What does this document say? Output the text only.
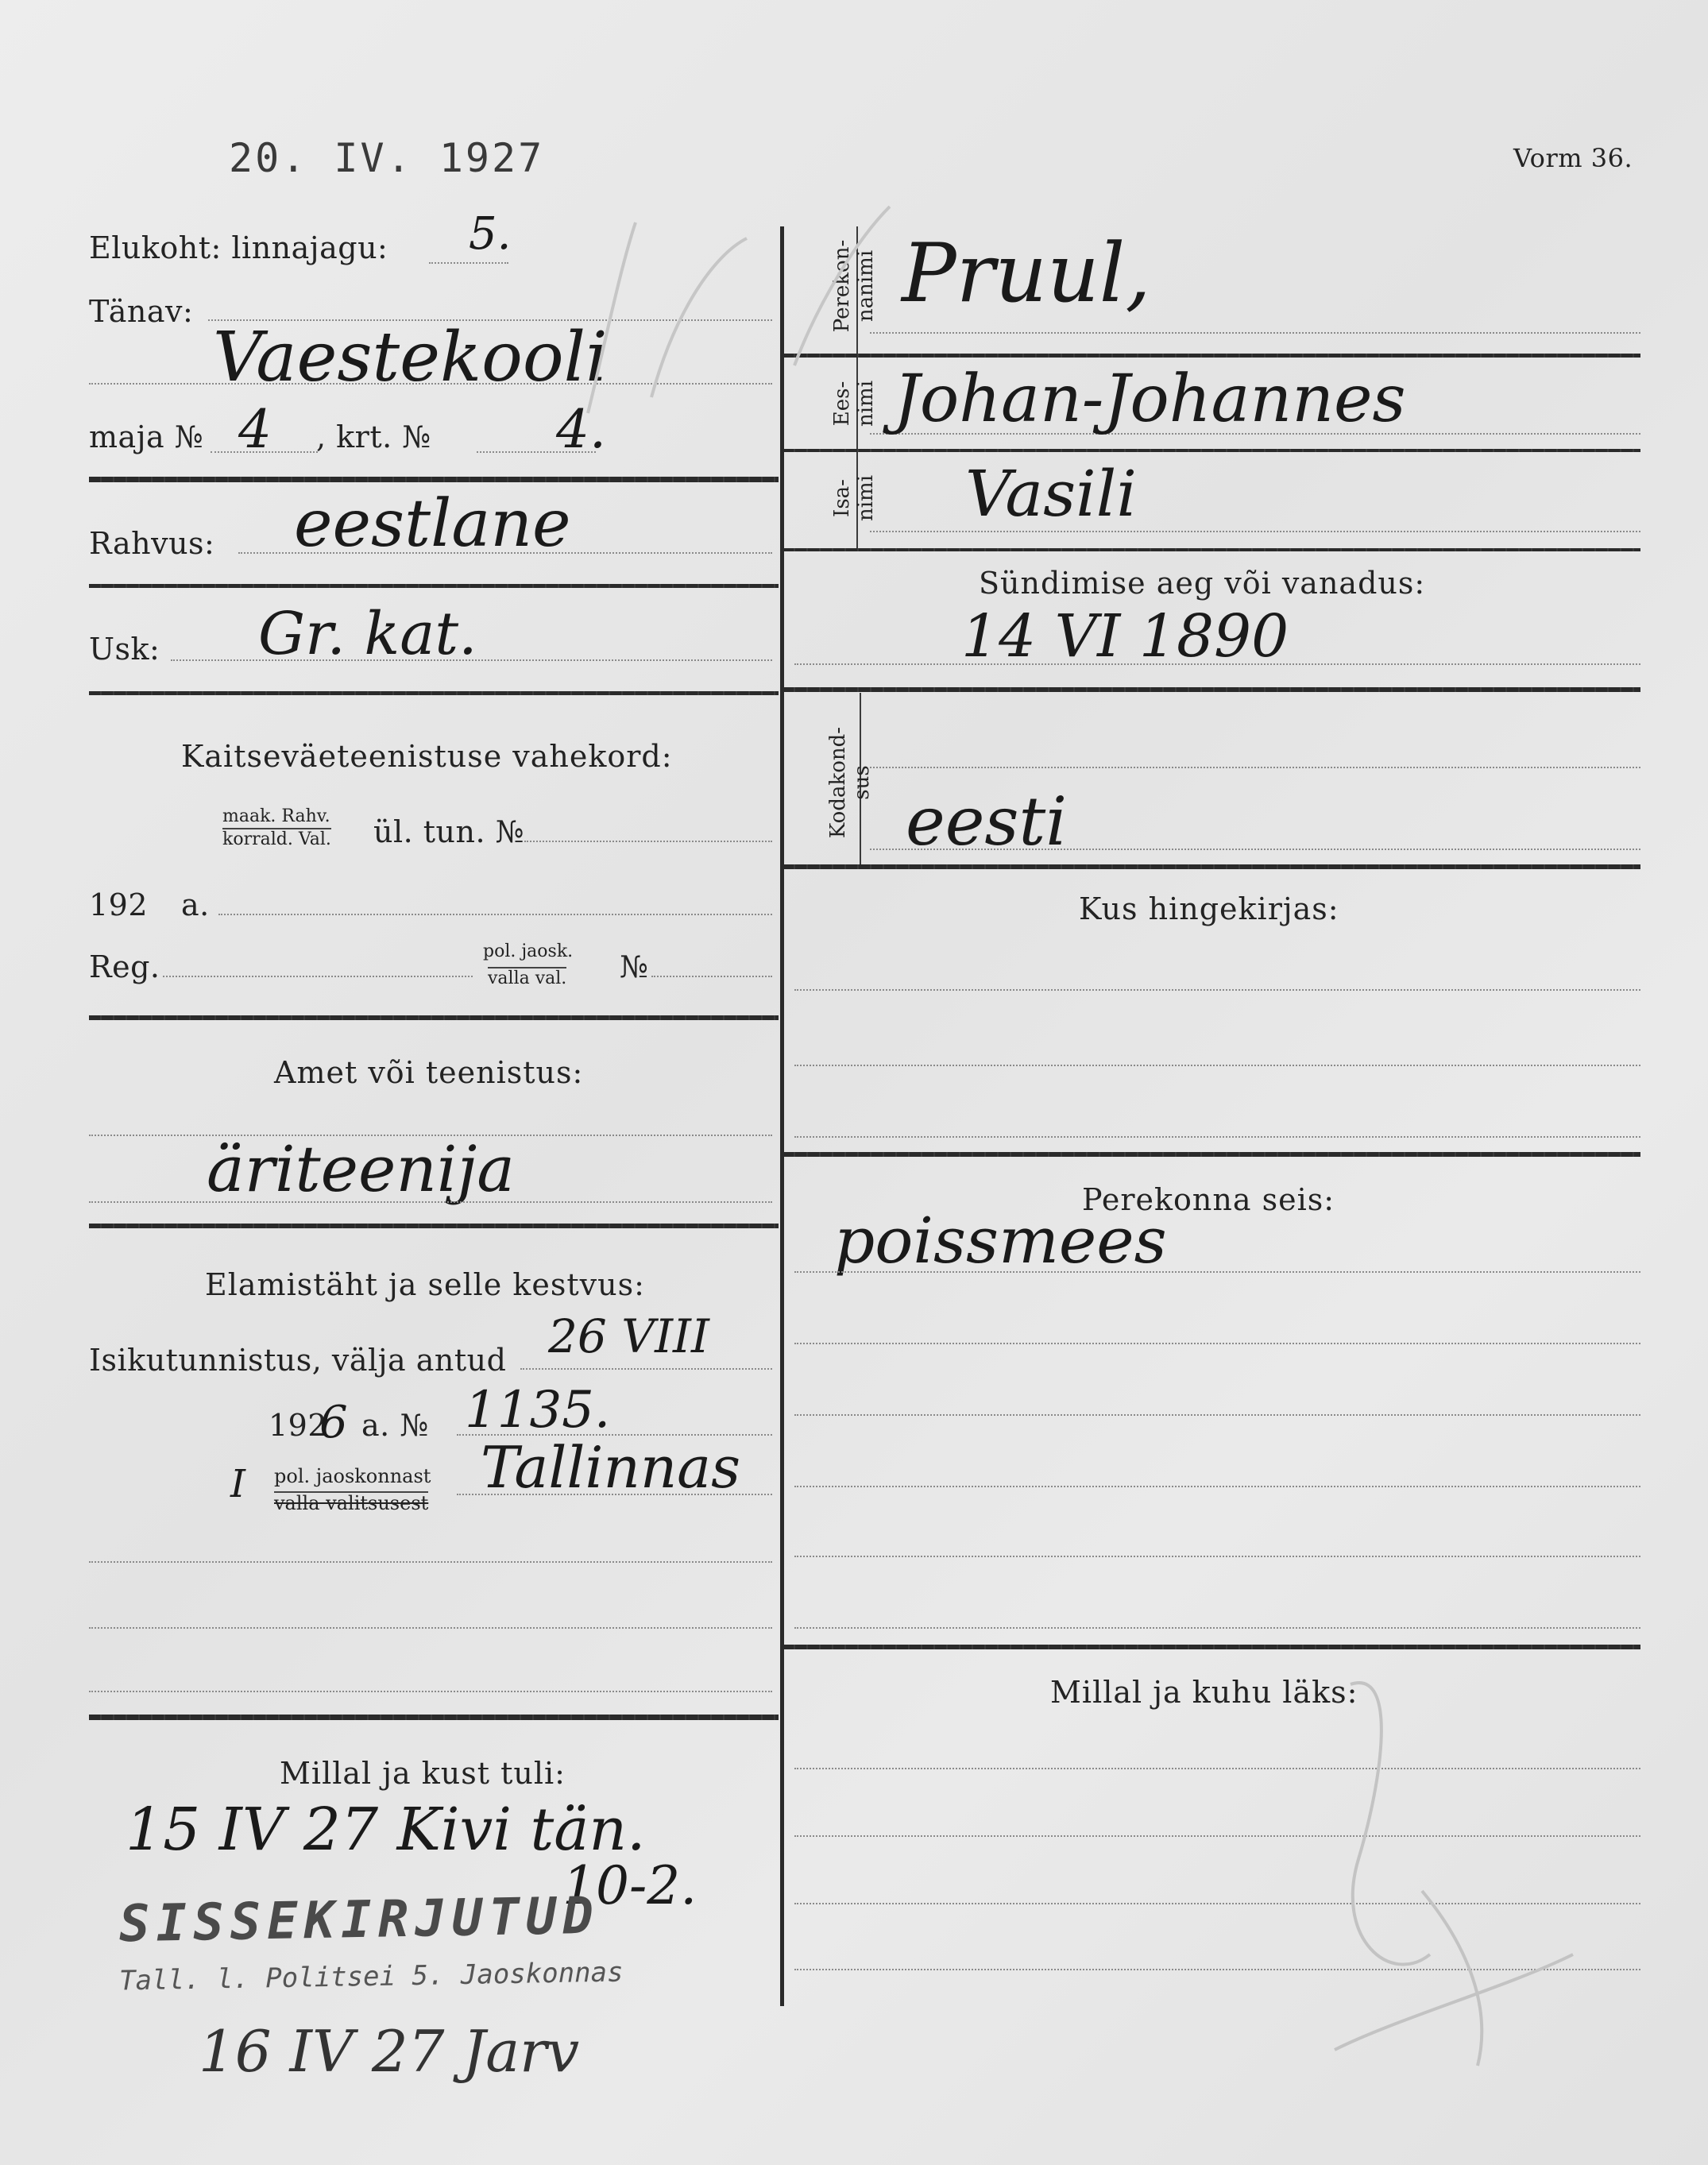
20. IV. 1927	Vorm 36.
Elukoht: linnajagu: 5.
Tänav:
Vaestekooli
maja № 4 , krt. № 4.
Rahvus: eestlane
Usk: Gr. kat.
Kaitseväeteenistuse vahekord:
maak. Rahv.
korrald. Val. ül. tun. №
192 a.
Reg.	pol. jaosk.
valla val. №
Amet või teenistus:
äriteenija
Elamistäht ja selle kestvus:
Isikutunnistus, välja antud 26 VIII
192
6 a. № 1135.
I pol. jaoskonnast
valla valitsusest
Tallinnas
Millal ja kust tuli:
15 IV 27 Kivi tän.
10-2.
SISSEKIRJUTUD
Tall. l. Politsei 5. Jaoskonnas
16 IV 27 Jarv
Perekon-
nanimi Pruul,
Ees-
nimi Johan-Johannes
Isa-
nimi Vasili
Sündimise aeg või vanadus:
14 VI 1890
Kodakond-
sus eesti
Kus hingekirjas:
Perekonna seis:
poissmees
Millal ja kuhu läks:
